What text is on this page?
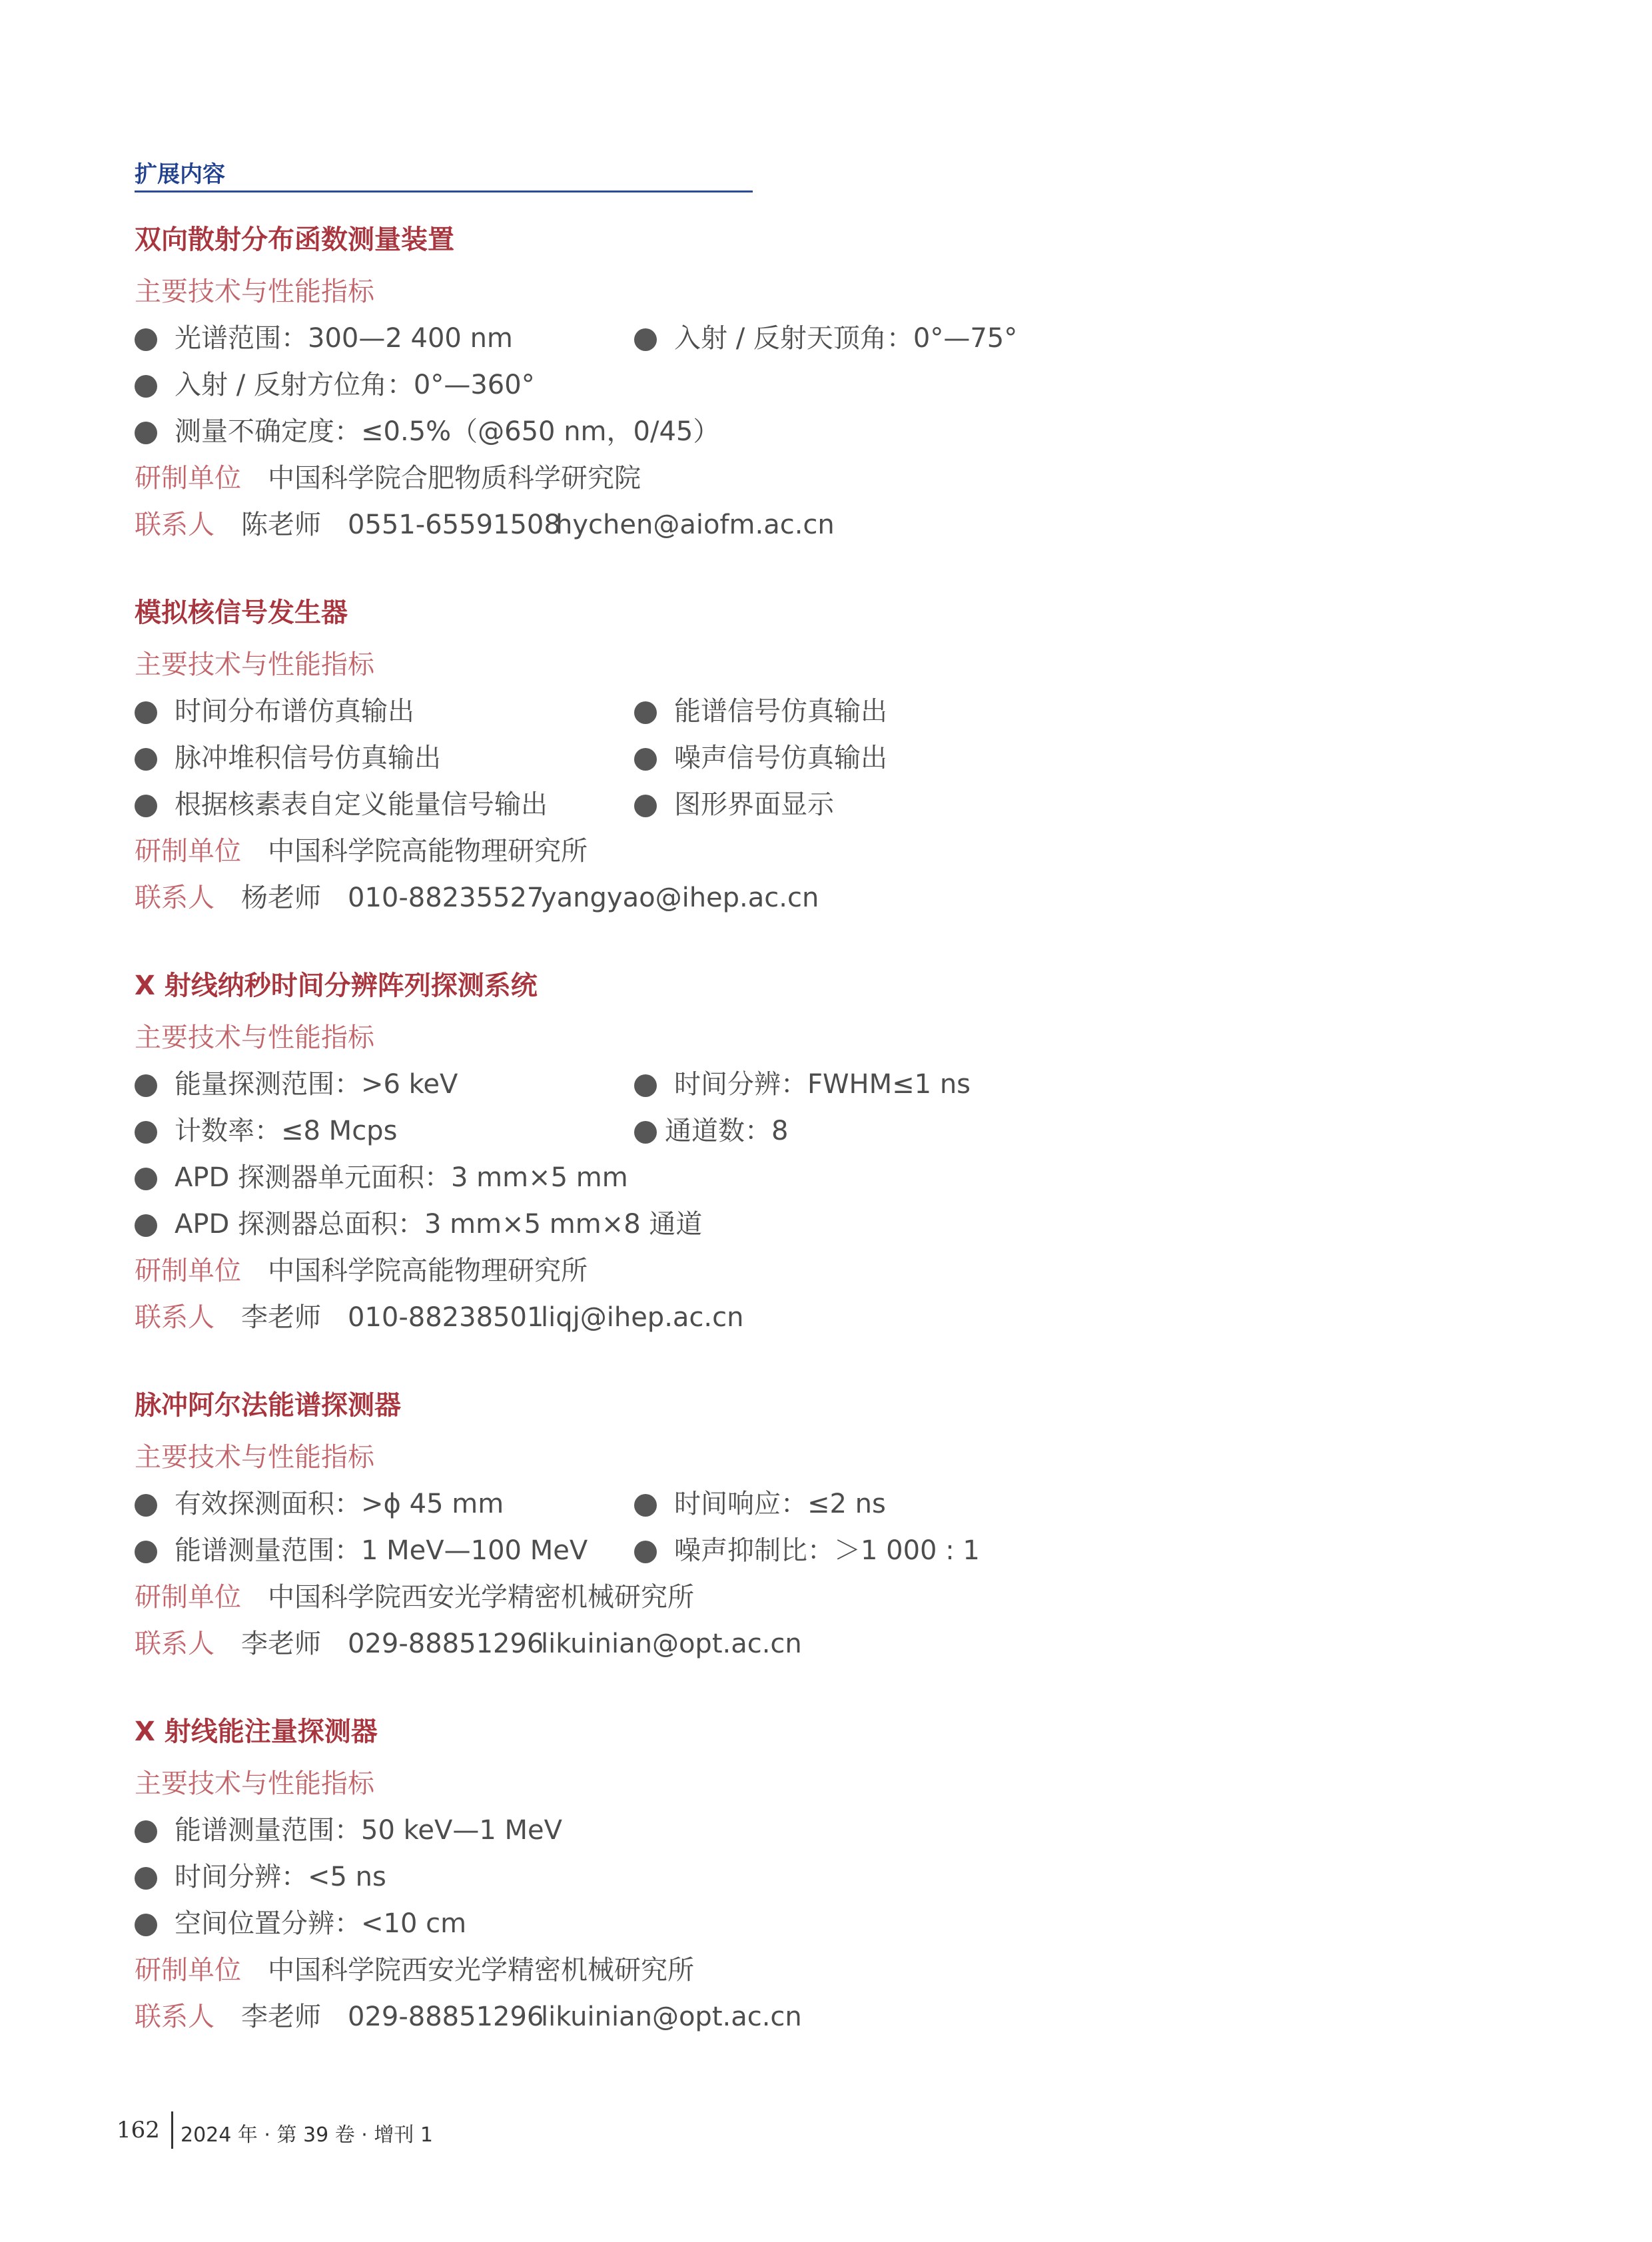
扩展内容
双向散射分布函数测量装置
主要技术与性能指标
光谱范围：300—2 400 nm	入射 / 反射天顶角：0°—75°
入射 / 反射方位角：0°—360°
测量不确定度：≤0.5%（@650 nm，0/45）
研制单位 中国科学院合肥物质科学研究院
联系人 陈老师 0551-65591508
hychen@aiofm.ac.cn
模拟核信号发生器
主要技术与性能指标
时间分布谱仿真输出	能谱信号仿真输出
脉冲堆积信号仿真输出	噪声信号仿真输出
根据核素表自定义能量信号输出	图形界面显示
研制单位 中国科学院高能物理研究所
联系人 杨老师 010-88235527
yangyao@ihep.ac.cn
X 射线纳秒时间分辨阵列探测系统
主要技术与性能指标
能量探测范围：>6 keV	时间分辨：FWHM≤1 ns
计数率：≤8 Mcps	通道数：8
APD 探测器单元面积：3 mm×5 mm
APD 探测器总面积：3 mm×5 mm×8 通道
研制单位 中国科学院高能物理研究所
联系人 李老师 010-88238501
liqj@ihep.ac.cn
脉冲阿尔法能谱探测器
主要技术与性能指标
有效探测面积：>ϕ 45 mm	时间响应：≤2 ns
能谱测量范围：1 MeV—100 MeV	噪声抑制比：＞1 000 : 1
研制单位 中国科学院西安光学精密机械研究所
联系人 李老师 029-88851296
likuinian@opt.ac.cn
X 射线能注量探测器
主要技术与性能指标
能谱测量范围：50 keV—1 MeV
时间分辨：<5 ns
空间位置分辨：<10 cm
研制单位 中国科学院西安光学精密机械研究所
联系人 李老师 029-88851296
likuinian@opt.ac.cn
162 2024 年 · 第 39 卷 · 增刊 1
